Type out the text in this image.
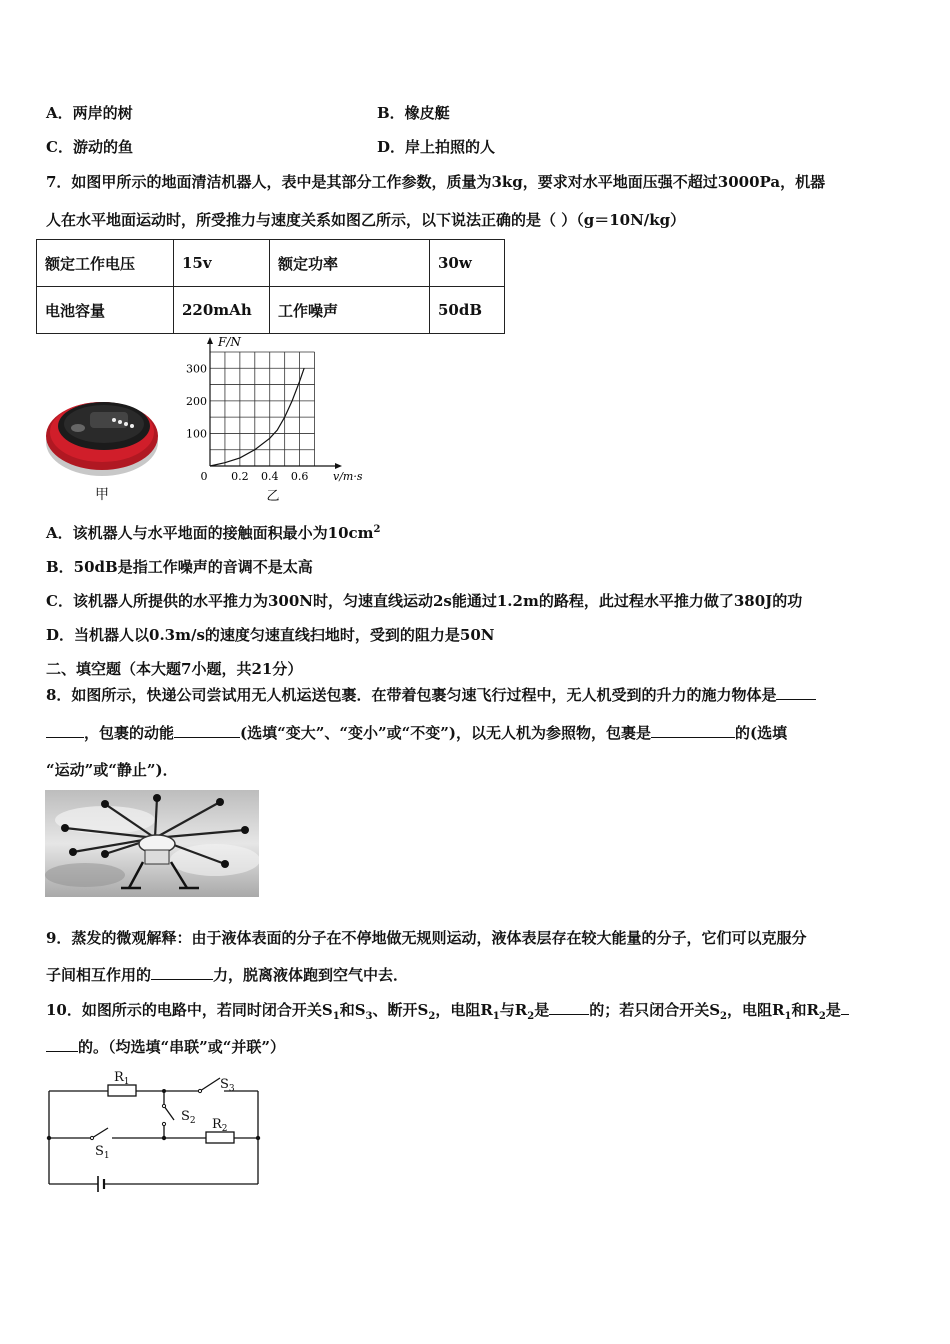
A．两岸的树	B．橡皮艇
C．游动的鱼	D．岸上拍照的人
7．如图甲所示的地面清洁机器人，表中是其部分工作参数，质量为3kg，要求对水平地面压强不超过3000Pa，机器
人在水平地面运动时，所受推力与速度关系如图乙所示，以下说法正确的是（ ）（g＝10N/kg）
额定工作电压	15v	额定功率	30w
电池容量	220mAh	工作噪声	50dB
甲
0 0.2 0.4 0.6
100
200
300
F/N
v/m·s
乙
A．该机器人与水平地面的接触面积最小为$10cm^2$
B．50dB是指工作噪声的音调不是太高
C．该机器人所提供的水平推力为300N时，匀速直线运动2s能通过1.2m的路程，此过程水平推力做了380J的功
D．当机器人以0.3m/s的速度匀速直线扫地时，受到的阻力是50N
二、填空题（本大题7小题，共21分）
8．如图所示，快递公司尝试用无人机运送包裹．在带着包裹匀速飞行过程中，无人机受到的升力的施力物体是
，包裹的动能	(选填“变大”、“变小”或“不变”)，以无人机为参照物，包裹是	的(选填
“运动”或“静止”)．
9．蒸发的微观解释：由于液体表面的分子在不停地做无规则运动，液体表层存在较大能量的分子，它们可以克服分
子间相互作用的	力，脱离液体跑到空气中去．
10．如图所示的电路中，若同时闭合开关$S_1$和$S_3$、断开$S_2$，电阻$R_1$与$R_2$是	的；若只闭合开关$S_2$，电阻$R_1$和$R_2$是
的。（均选填“串联”或“并联”）
$R_1$	$S_3$
$S_2$ $R_2$
$S_1$
